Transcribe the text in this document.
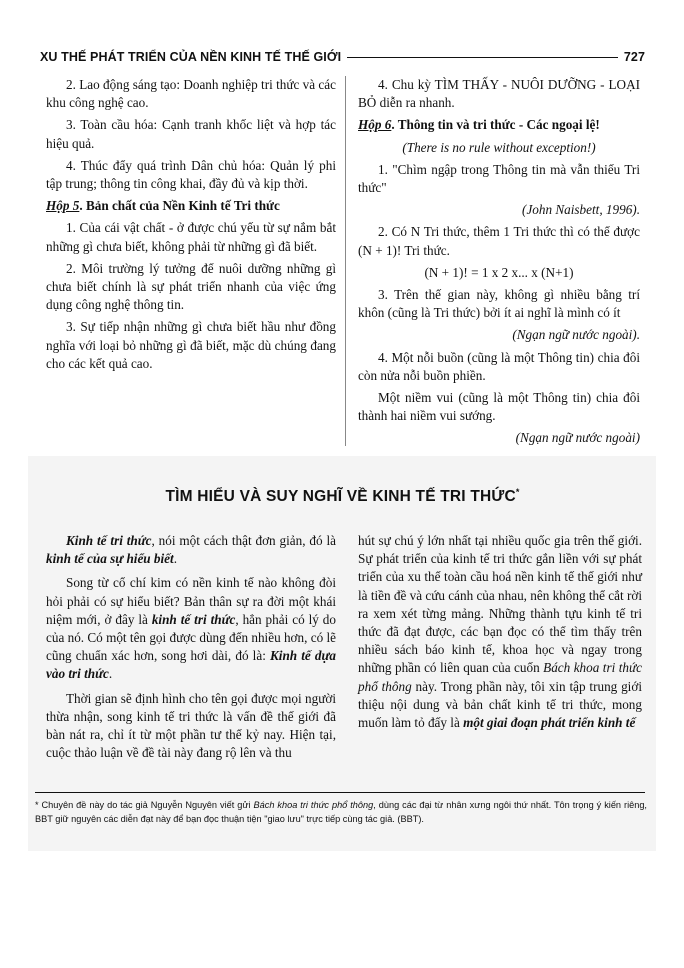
XU THẾ PHÁT TRIỂN CỦA NỀN KINH TẾ THẾ GIỚI	727

2. Lao động sáng tạo: Doanh nghiệp tri thức và các khu công nghệ cao.

3. Toàn cầu hóa: Cạnh tranh khốc liệt và hợp tác hiệu quả.

4. Thúc đẩy quá trình Dân chủ hóa: Quản lý phi tập trung; thông tin công khai, đầy đủ và kịp thời.

Hộp 5. Bản chất của Nền Kinh tế Tri thức

1. Của cái vật chất - ở được chú yếu từ sự nắm bắt những gì chưa biết, không phải từ những gì đã biết.

2. Môi trường lý tưởng để nuôi dưỡng những gì chưa biết chính là sự phát triển nhanh của việc ứng dụng công nghệ thông tin.

3. Sự tiếp nhận những gì chưa biết hầu như đồng nghĩa với loại bỏ những gì đã biết, mặc dù chúng đang cho các kết quả cao.

4. Chu kỳ TÌM THẤY - NUÔI DƯỠNG - LOẠI BỎ diễn ra nhanh.

Hộp 6. Thông tin và tri thức - Các ngoại lệ!

(There is no rule without exception!)

1. "Chìm ngập trong Thông tin mà vẫn thiếu Tri thức"

(John Naisbett, 1996).

2. Có N Tri thức, thêm 1 Tri thức thì có thể được (N + 1)! Tri thức.

(N + 1)! = 1 x 2 x... x (N+1)

3. Trên thế gian này, không gì nhiều bằng trí khôn (cũng là Tri thức) bởi ít ai nghĩ là mình có ít

(Ngạn ngữ nước ngoài).

4. Một nỗi buồn (cũng là một Thông tin) chia đôi còn nửa nỗi buồn phiền.

Một niềm vui (cũng là một Thông tin) chia đôi thành hai niềm vui sướng.

(Ngạn ngữ nước ngoài)

TÌM HIỂU VÀ SUY NGHĨ VỀ KINH TẾ TRI THỨC*

Kinh tế tri thức, nói một cách thật đơn giản, đó là kinh tế của sự hiểu biết.

Song từ cổ chí kim có nền kinh tế nào không đòi hỏi phải có sự hiểu biết? Bản thân sự ra đời một khái niệm mới, ở đây là kinh tế tri thức, hẳn phải có lý do của nó. Có một tên gọi được dùng đến nhiều hơn, có lẽ cũng chuẩn xác hơn, song hơi dài, đó là: Kinh tế dựa vào tri thức.

Thời gian sẽ định hình cho tên gọi được mọi người thừa nhận, song kinh tế tri thức là vấn đề thế giới đã bàn nát ra, chỉ ít từ một phần tư thế kỷ nay. Hiện tại, cuộc thảo luận về đề tài này đang rộ lên và thu

hút sự chú ý lớn nhất tại nhiều quốc gia trên thế giới. Sự phát triển của kinh tế tri thức gắn liền với sự phát triển của xu thế toàn cầu hoá nền kinh tế thế giới như là tiền đề và cứu cánh của nhau, nên không thể cắt rời ra xem xét từng mảng. Những thành tựu kinh tế tri thức đã đạt được, các bạn đọc có thể tìm thấy trên nhiều sách báo kinh tế, khoa học và ngay trong những phần có liên quan của cuốn Bách khoa tri thức phổ thông này. Trong phần này, tôi xin tập trung giới thiệu nội dung và bản chất kinh tế tri thức, mong muốn làm tỏ đấy là một giai đoạn phát triển kinh tế

* Chuyên đề này do tác giả Nguyễn Nguyên viết gửi Bách khoa tri thức phổ thông, dùng các đại từ nhân xưng ngôi thứ nhất. Tôn trọng ý kiến riêng, BBT giữ nguyên các diễn đạt này để bạn đọc thuận tiện "giao lưu" trực tiếp cùng tác giả. (BBT).
